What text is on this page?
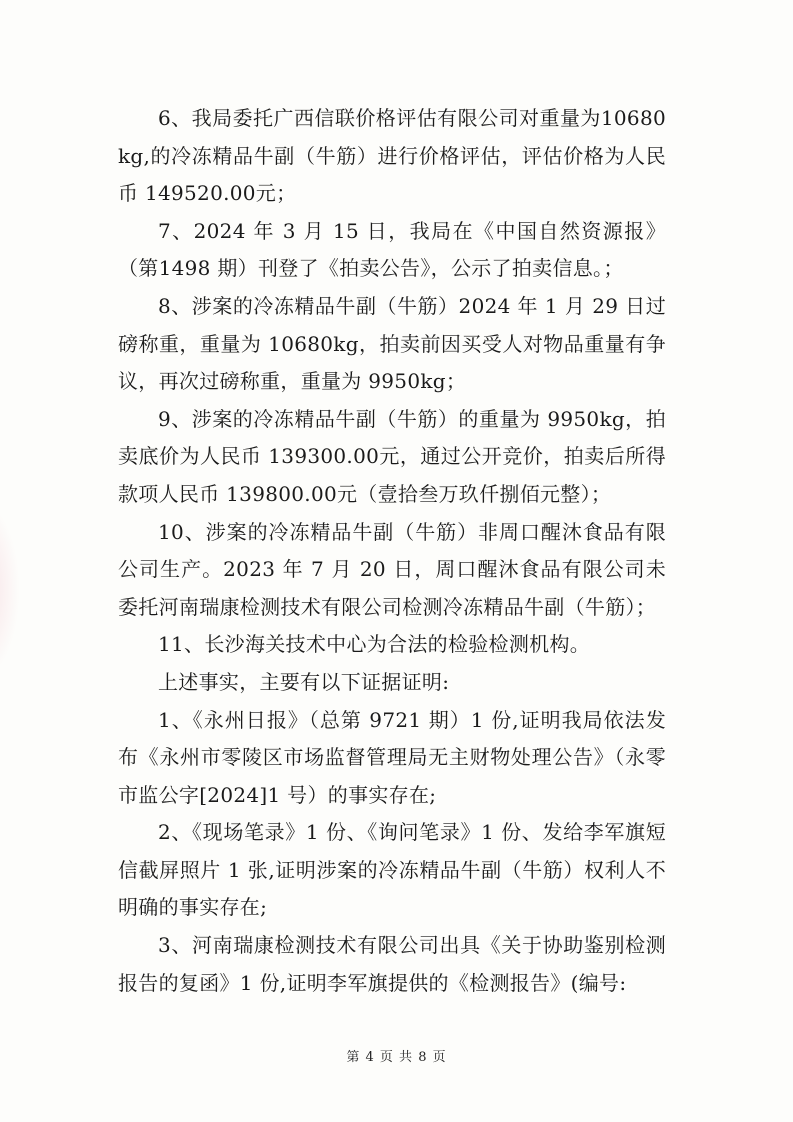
6、我局委托广西信联价格评估有限公司对重量为10680kg,的冷冻精品牛副（牛筋）进行价格评估，评估价格为人民币 149520.00元；

7、2024 年 3 月 15 日，我局在《中国自然资源报》（第1498 期）刊登了《拍卖公告》，公示了拍卖信息。；

8、涉案的冷冻精品牛副（牛筋）2024 年 1 月 29 日过磅称重，重量为 10680kg，拍卖前因买受人对物品重量有争议，再次过磅称重，重量为 9950kg；

9、涉案的冷冻精品牛副（牛筋）的重量为 9950kg，拍卖底价为人民币 139300.00元，通过公开竞价，拍卖后所得款项人民币 139800.00元（壹拾叁万玖仟捌佰元整）；

10、涉案的冷冻精品牛副（牛筋）非周口醒沐食品有限公司生产。2023 年 7 月 20 日，周口醒沐食品有限公司未委托河南瑞康检测技术有限公司检测冷冻精品牛副（牛筋）；

11、长沙海关技术中心为合法的检验检测机构。

上述事实，主要有以下证据证明:

1、《永州日报》（总第 9721 期）1 份,证明我局依法发布《永州市零陵区市场监督管理局无主财物处理公告》（永零市监公字[2024]1 号）的事实存在;

2、《现场笔录》1 份、《询问笔录》1 份、发给李军旗短信截屏照片 1 张,证明涉案的冷冻精品牛副（牛筋）权利人不明确的事实存在;

3、河南瑞康检测技术有限公司出具《关于协助鉴别检测报告的复函》1 份,证明李军旗提供的《检测报告》(编号:

第 4 页 共 8 页
